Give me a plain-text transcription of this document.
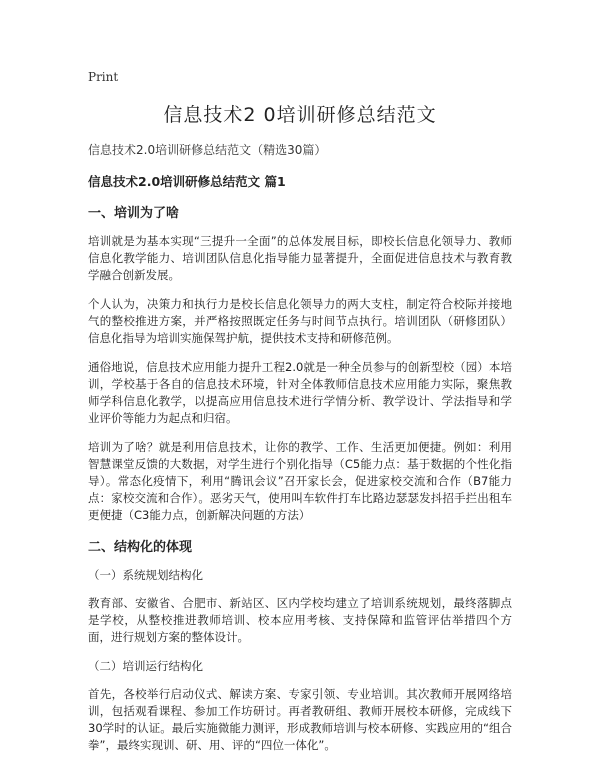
Print
信息技术2 0培训研修总结范文
信息技术2.0培训研修总结范文（精选30篇）
信息技术2.0培训研修总结范文 篇1
一、培训为了啥

培训就是为基本实现“三提升一全面”的总体发展目标，即校长信息化领导力、教师信息化教学能力、培训团队信息化指导能力显著提升，全面促进信息技术与教育教学融合创新发展。

个人认为，决策力和执行力是校长信息化领导力的两大支柱，制定符合校际并接地气的整校推进方案，并严格按照既定任务与时间节点执行。培训团队（研修团队）信息化指导为培训实施保驾护航，提供技术支持和研修范例。

通俗地说，信息技术应用能力提升工程2.0就是一种全员参与的创新型校（园）本培训，学校基于各自的信息技术环境，针对全体教师信息技术应用能力实际，聚焦教师学科信息化教学，以提高应用信息技术进行学情分析、教学设计、学法指导和学业评价等能力为起点和归宿。

培训为了啥？就是利用信息技术，让你的教学、工作、生活更加便捷。例如：利用智慧课堂反馈的大数据，对学生进行个别化指导（C5能力点：基于数据的个性化指导）。常态化疫情下，利用“腾讯会议”召开家长会，促进家校交流和合作（B7能力点：家校交流和合作）。恶劣天气，使用叫车软件打车比路边瑟瑟发抖招手拦出租车更便捷（C3能力点，创新解决问题的方法）

二、结构化的体现
（一）系统规划结构化

教育部、安徽省、合肥市、新站区、区内学校均建立了培训系统规划，最终落脚点是学校，从整校推进教师培训、校本应用考核、支持保障和监管评估举措四个方面，进行规划方案的整体设计。

（二）培训运行结构化

首先，各校举行启动仪式、解读方案、专家引领、专业培训。其次教师开展网络培训，包括观看课程、参加工作坊研讨。再者教研组、教师开展校本研修，完成线下30学时的认证。最后实施微能力测评，形成教师培训与校本研修、实践应用的“组合拳”，最终实现训、研、用、评的“四位一体化”。
